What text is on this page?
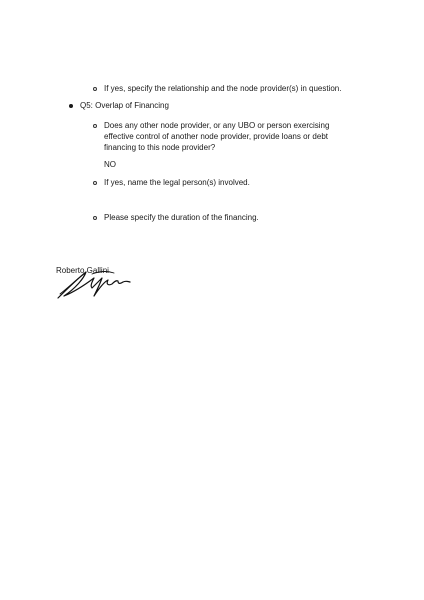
If yes, specify the relationship and the node provider(s) in question.
Q5: Overlap of Financing
Does any other node provider, or any UBO or person exercising
effective control of another node provider, provide loans or debt
financing to this node provider?
NO
If yes, name the legal person(s) involved.
Please specify the duration of the financing.
Roberto Gallini
